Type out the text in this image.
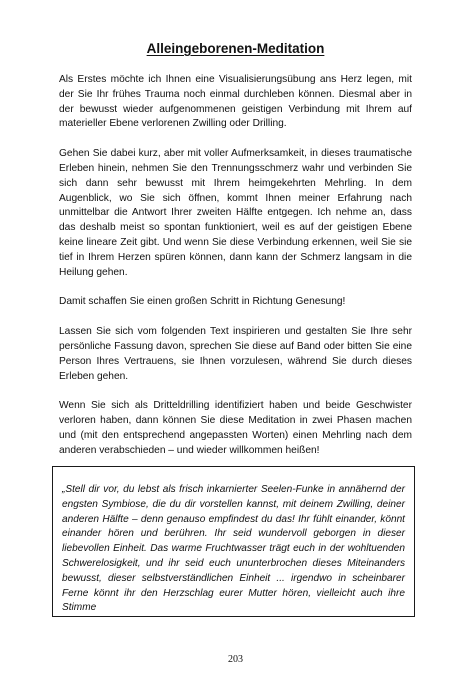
Alleingeborenen-Meditation

Als Erstes möchte ich Ihnen eine Visualisierungsübung ans Herz legen, mit der Sie Ihr frühes Trauma noch einmal durchleben können. Diesmal aber in der bewusst wieder aufgenommenen geistigen Verbindung mit Ihrem auf materieller Ebene verlorenen Zwilling oder Drilling.

Gehen Sie dabei kurz, aber mit voller Aufmerksamkeit, in dieses traumatische Erleben hinein, nehmen Sie den Trennungsschmerz wahr und verbinden Sie sich dann sehr bewusst mit Ihrem heimgekehrten Mehrling. In dem Augenblick, wo Sie sich öffnen, kommt Ihnen meiner Erfahrung nach unmittelbar die Antwort Ihrer zweiten Hälfte entgegen. Ich nehme an, dass das deshalb meist so spontan funktioniert, weil es auf der geistigen Ebene keine lineare Zeit gibt. Und wenn Sie diese Verbindung erkennen, weil Sie sie tief in Ihrem Herzen spüren können, dann kann der Schmerz langsam in die Heilung gehen.

Damit schaffen Sie einen großen Schritt in Richtung Genesung!

Lassen Sie sich vom folgenden Text inspirieren und gestalten Sie Ihre sehr persönliche Fassung davon, sprechen Sie diese auf Band oder bitten Sie eine Person Ihres Vertrauens, sie Ihnen vorzulesen, während Sie durch dieses Erleben gehen.

Wenn Sie sich als Dritteldrilling identifiziert haben und beide Geschwister verloren haben, dann können Sie diese Meditation in zwei Phasen machen und (mit den entsprechend angepassten Worten) einen Mehrling nach dem anderen verabschieden – und wieder willkommen heißen!

„Stell dir vor, du lebst als frisch inkarnierter Seelen-Funke in annähernd der engsten Symbiose, die du dir vorstellen kannst, mit deinem Zwilling, deiner anderen Hälfte – denn genauso empfindest du das! Ihr fühlt einander, könnt einander hören und berühren. Ihr seid wundervoll geborgen in dieser liebevollen Einheit. Das warme Fruchtwasser trägt euch in der wohltuenden Schwerelosigkeit, und ihr seid euch ununterbrochen dieses Miteinanders bewusst, dieser selbstverständlichen Einheit ... irgendwo in scheinbarer Ferne könnt ihr den Herzschlag eurer Mutter hören, vielleicht auch ihre Stimme

203
